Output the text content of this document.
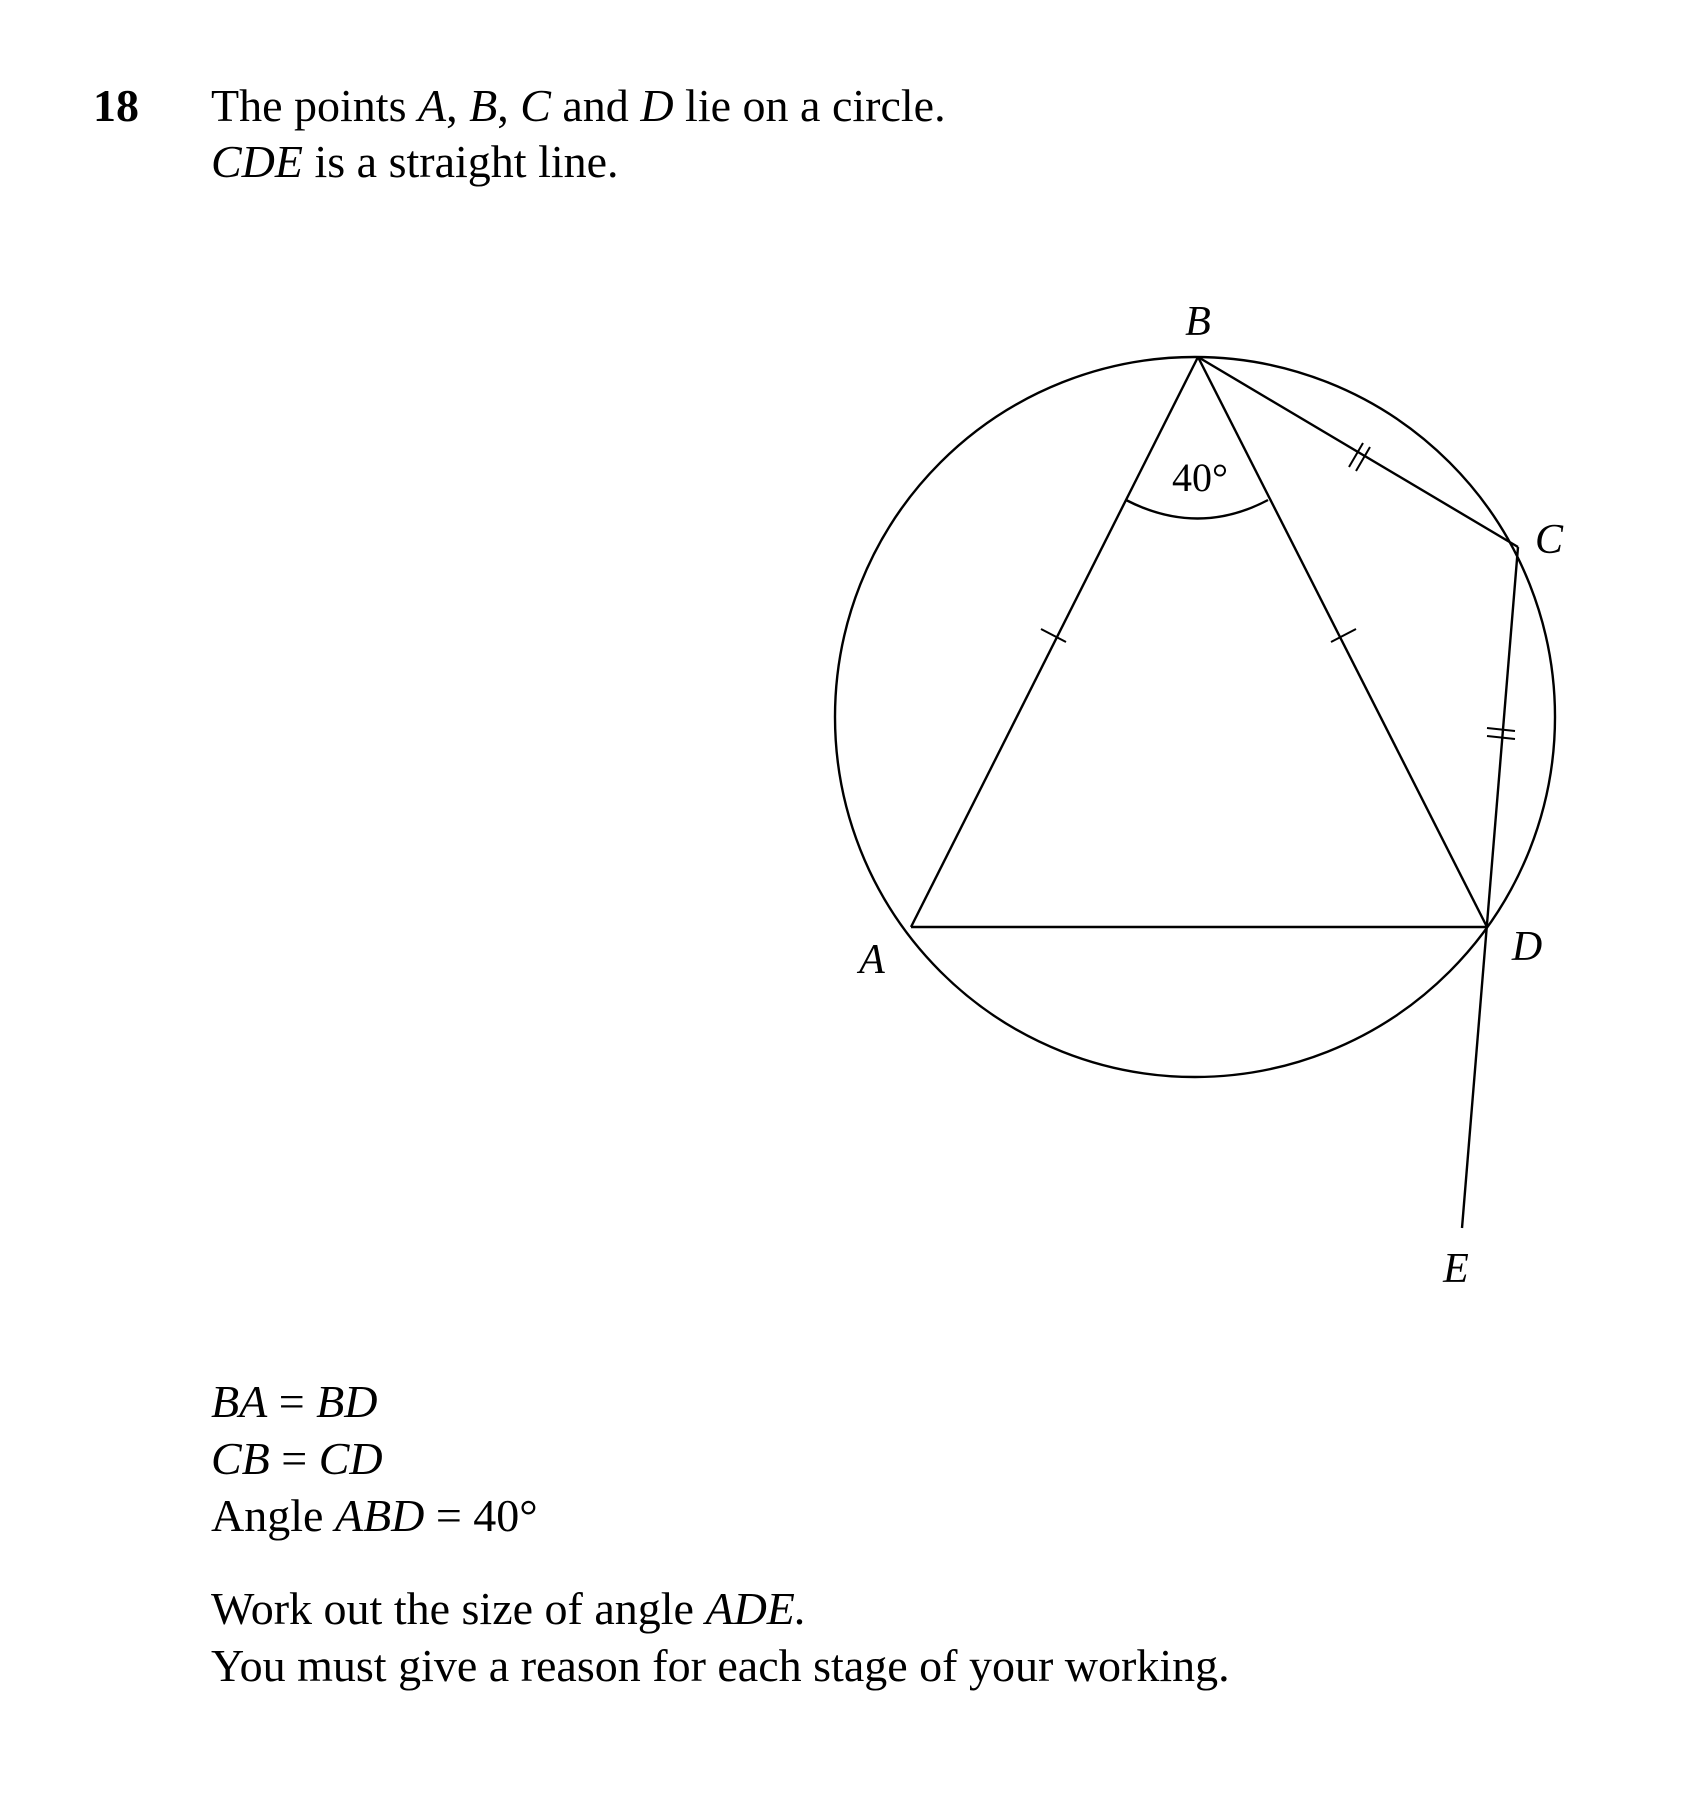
18 The points A, B, C and D lie on a circle.
CDE is a straight line.
B
C
A	D
E
40°
BA = BD
CB = CD
Angle ABD = 40°
Work out the size of angle ADE.
You must give a reason for each stage of your working.
